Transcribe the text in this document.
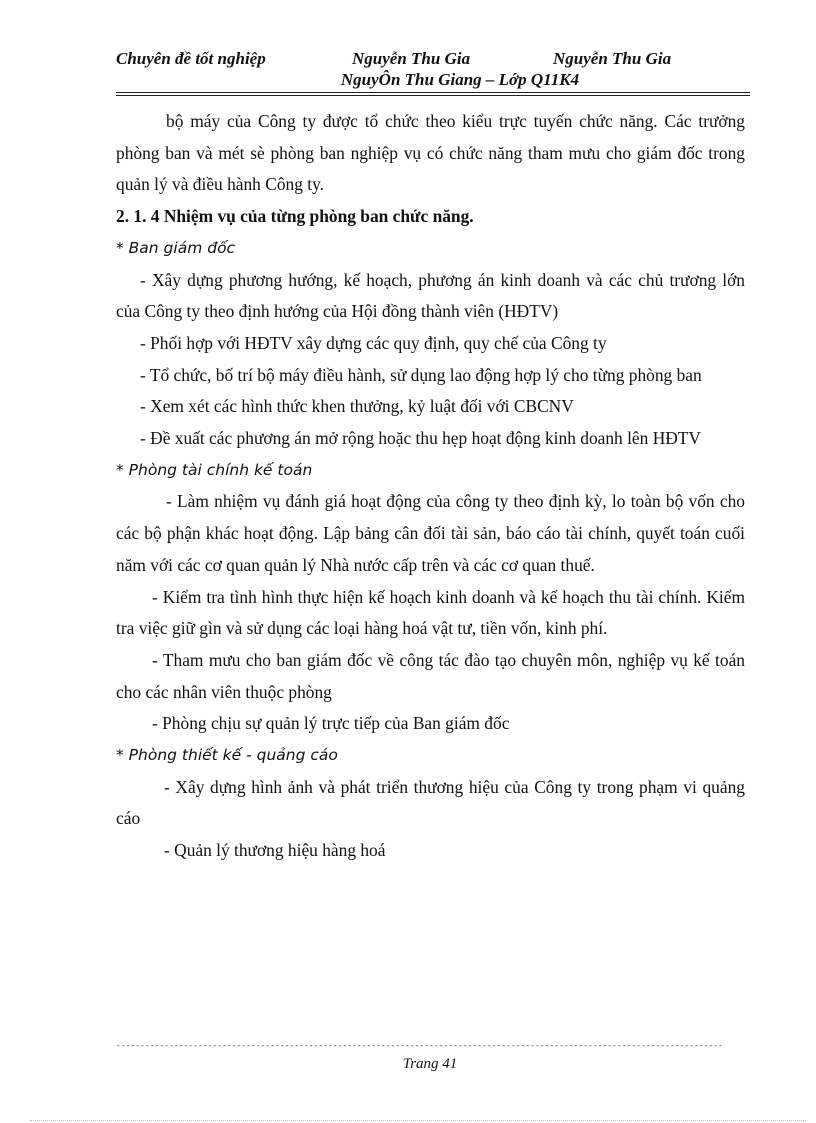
Chuyên đề tốt nghiệp	Nguyễn Thu Gia	Nguyễn Thu Gia
NguyÔn Thu Giang – Lớp Q11K4

bộ máy của Công ty được tổ chức theo kiểu trực tuyến chức năng. Các trưởng phòng ban và mét sè phòng ban nghiệp vụ có chức năng tham mưu cho giám đốc trong quản lý và điều hành Công ty.

2. 1. 4 Nhiệm vụ của từng phòng ban chức năng.

* Ban giám đốc

- Xây dựng phương hướng, kế hoạch, phương án kinh doanh và các chủ trương lớn của Công ty theo định hướng của Hội đồng thành viên (HĐTV)

- Phối hợp với HĐTV xây dựng các quy định, quy chế của Công ty

- Tổ chức, bố trí bộ máy điều hành, sử dụng lao động hợp lý cho từng phòng ban

- Xem xét các hình thức khen thưởng, kỷ luật đối với CBCNV

- Đề xuất các phương án mở rộng hoặc thu hẹp hoạt động kinh doanh lên HĐTV

* Phòng tài chính kế toán

- Làm nhiệm vụ đánh giá hoạt động của công ty theo định kỳ, lo toàn bộ vốn cho các bộ phận khác hoạt động. Lập bảng cân đối tài sản, báo cáo tài chính, quyết toán cuối năm với các cơ quan quản lý Nhà nước cấp trên và các cơ quan thuế.

- Kiểm tra tình hình thực hiện kế hoạch kinh doanh và kế hoạch thu tài chính. Kiểm tra việc giữ gìn và sử dụng các loại hàng hoá vật tư, tiền vốn, kinh phí.

- Tham mưu cho ban giám đốc về công tác đào tạo chuyên môn, nghiệp vụ kế toán cho các nhân viên thuộc phòng

- Phòng chịu sự quản lý trực tiếp của Ban giám đốc

* Phòng thiết kế - quảng cáo

- Xây dựng hình ảnh và phát triển thương hiệu của Công ty trong phạm vi quảng cáo

- Quản lý thương hiệu hàng hoá

-----
Trang 41
